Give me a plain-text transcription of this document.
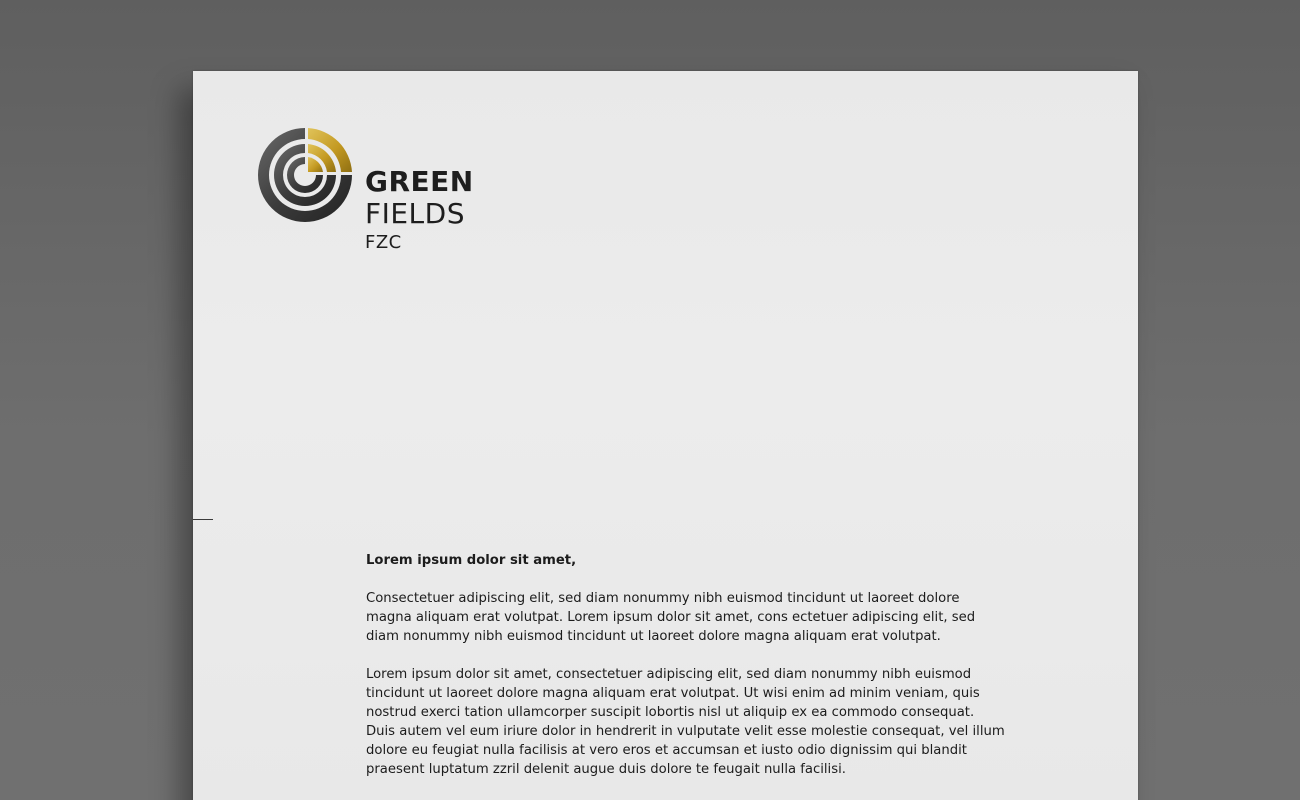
GREEN
FIELDS
FZC

Lorem ipsum dolor sit amet,

Consectetuer adipiscing elit, sed diam nonummy nibh euismod tincidunt ut laoreet dolore magna aliquam erat volutpat. Lorem ipsum dolor sit amet, cons ectetuer adipiscing elit, sed diam nonummy nibh euismod tincidunt ut laoreet dolore magna aliquam erat volutpat.

Lorem ipsum dolor sit amet, consectetuer adipiscing elit, sed diam nonummy nibh euismod tincidunt ut laoreet dolore magna aliquam erat volutpat. Ut wisi enim ad minim veniam, quis nostrud exerci tation ullamcorper suscipit lobortis nisl ut aliquip ex ea commodo consequat. Duis autem vel eum iriure dolor in hendrerit in vulputate velit esse molestie consequat, vel illum dolore eu feugiat nulla facilisis at vero eros et accumsan et iusto odio dignissim qui blandit praesent luptatum zzril delenit augue duis dolore te feugait nulla facilisi.
